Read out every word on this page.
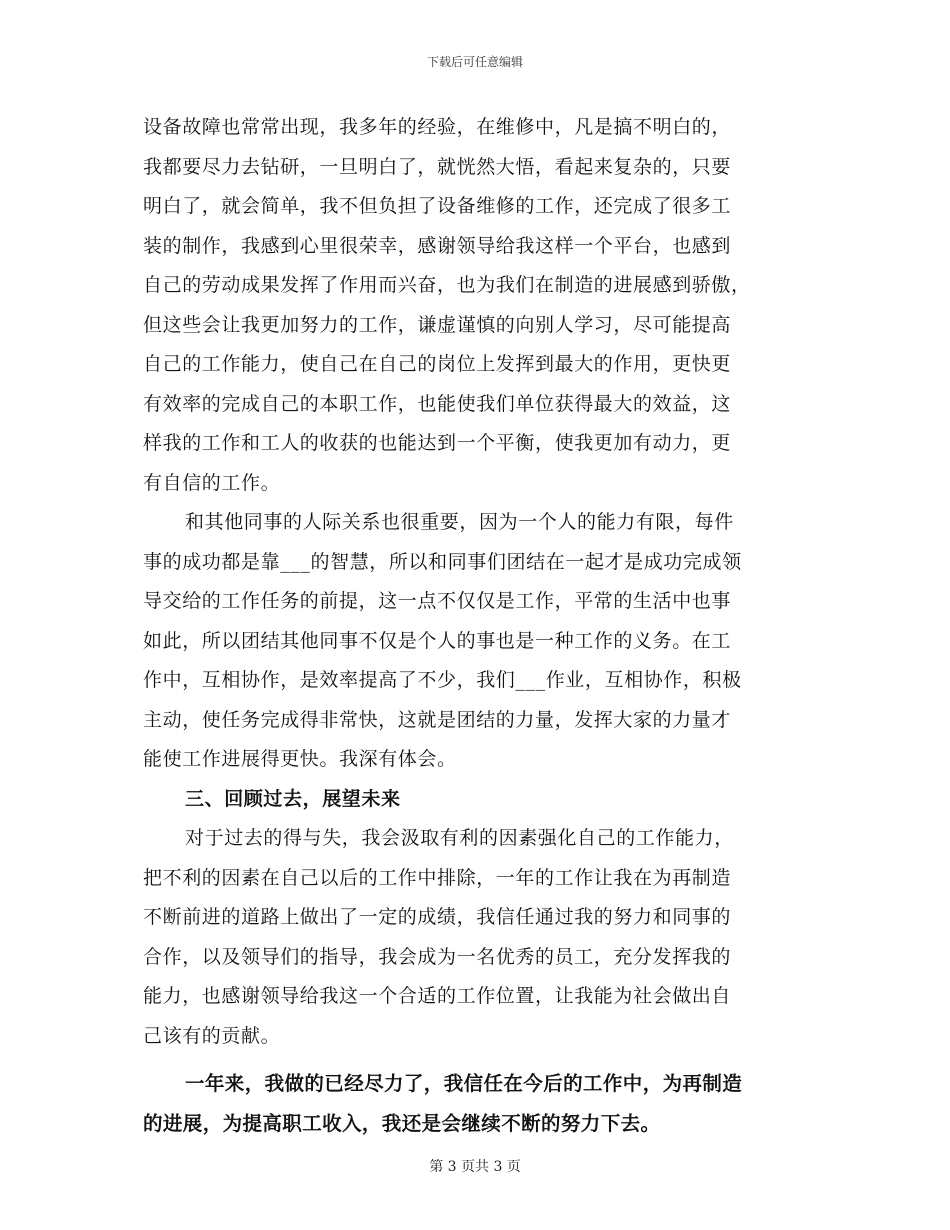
下载后可任意编辑
设备故障也常常出现，我多年的经验，在维修中，凡是搞不明白的，
我都要尽力去钻研，一旦明白了，就恍然大悟，看起来复杂的，只要
明白了，就会简单，我不但负担了设备维修的工作，还完成了很多工
装的制作，我感到心里很荣幸，感谢领导给我这样一个平台，也感到
自己的劳动成果发挥了作用而兴奋，也为我们在制造的进展感到骄傲，
但这些会让我更加努力的工作，谦虚谨慎的向别人学习，尽可能提高
自己的工作能力，使自己在自己的岗位上发挥到最大的作用，更快更
有效率的完成自己的本职工作，也能使我们单位获得最大的效益，这
样我的工作和工人的收获的也能达到一个平衡，使我更加有动力，更
有自信的工作。
和其他同事的人际关系也很重要，因为一个人的能力有限，每件
事的成功都是靠___的智慧，所以和同事们团结在一起才是成功完成领
导交给的工作任务的前提，这一点不仅仅是工作，平常的生活中也事
如此，所以团结其他同事不仅是个人的事也是一种工作的义务。在工
作中，互相协作，是效率提高了不少，我们___作业，互相协作，积极
主动，使任务完成得非常快，这就是团结的力量，发挥大家的力量才
能使工作进展得更快。我深有体会。
三、回顾过去，展望未来
对于过去的得与失，我会汲取有利的因素强化自己的工作能力，
把不利的因素在自己以后的工作中排除，一年的工作让我在为再制造
不断前进的道路上做出了一定的成绩，我信任通过我的努力和同事的
合作，以及领导们的指导，我会成为一名优秀的员工，充分发挥我的
能力，也感谢领导给我这一个合适的工作位置，让我能为社会做出自
己该有的贡献。
一年来，我做的已经尽力了，我信任在今后的工作中，为再制造
的进展，为提高职工收入，我还是会继续不断的努力下去。
第 3 页共 3 页
